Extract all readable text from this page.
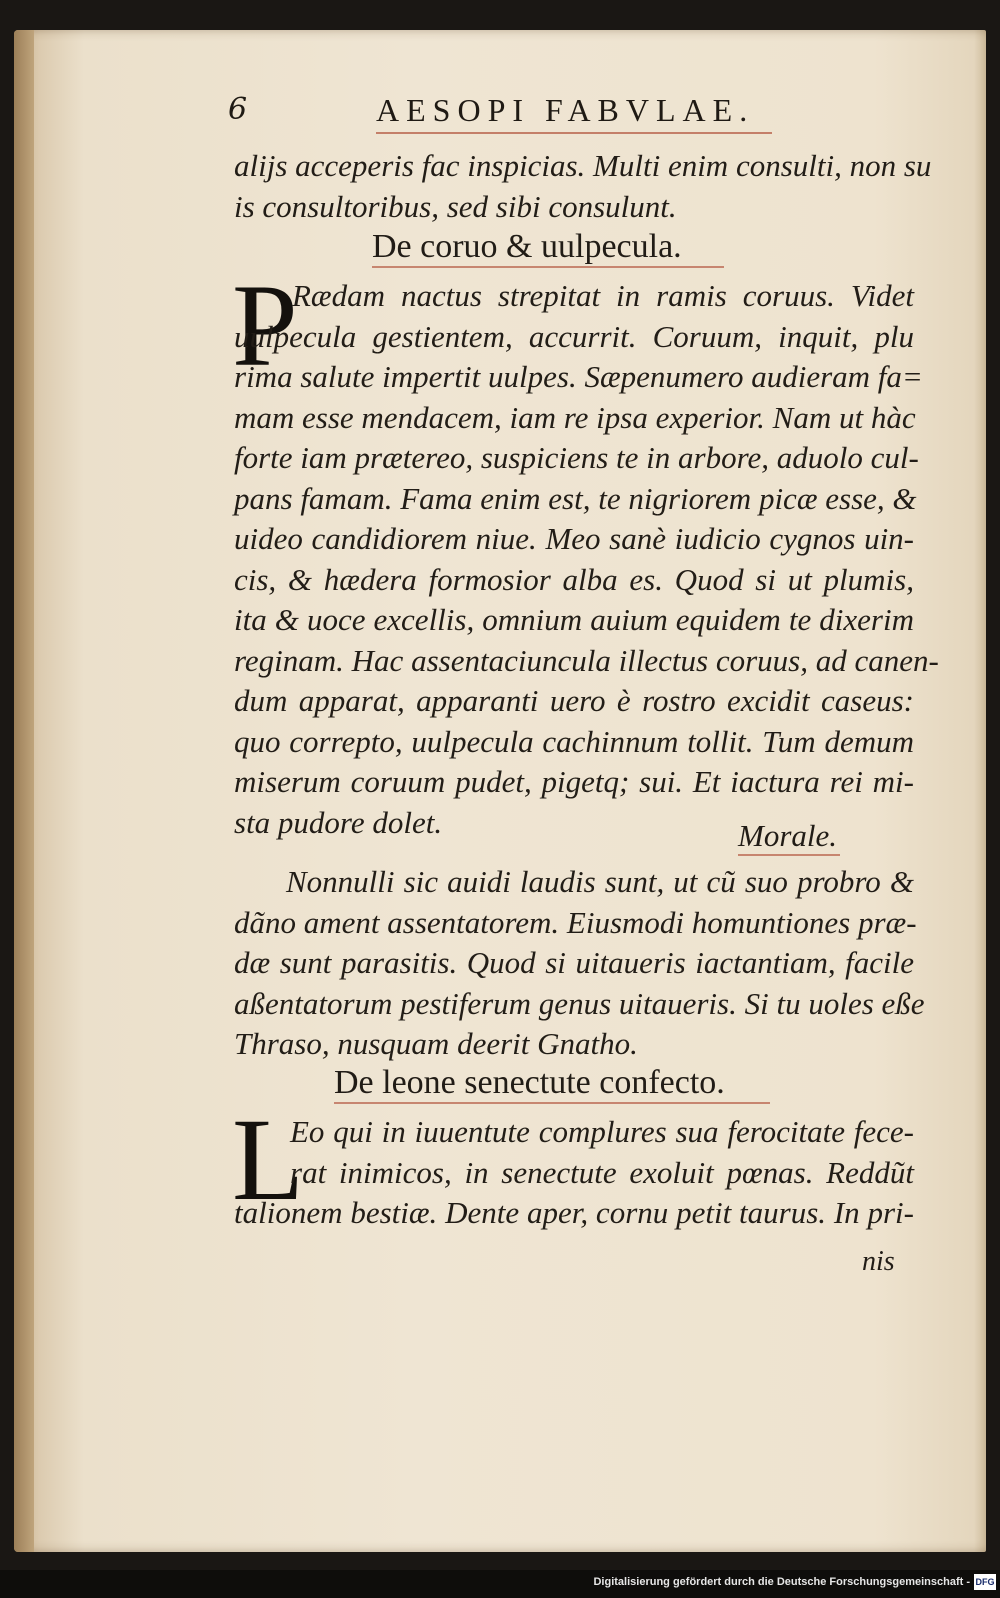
6	AESOPI FABVLAE.
alijs acceperis fac inspicias. Multi enim consulti, non su
is consultoribus, sed sibi consulunt.
De coruo & uulpecula.
P
Rædam nactus strepitat in ramis coruus. Videt
uulpecula gestientem, accurrit. Coruum, inquit, plu
rima salute impertit uulpes. Sæpenumero audieram fa=
mam esse mendacem, iam re ipsa experior. Nam ut hàc
forte iam prætereo, suspiciens te in arbore, aduolo cul-
pans famam. Fama enim est, te nigriorem picæ esse, &
uideo candidiorem niue. Meo sanè iudicio cygnos uin-
cis, & hædera formosior alba es. Quod si ut plumis,
ita & uoce excellis, omnium auium equidem te dixerim
reginam. Hac assentaciuncula illectus coruus, ad canen-
dum apparat, apparanti uero è rostro excidit caseus:
quo correpto, uulpecula cachinnum tollit. Tum demum
miserum coruum pudet, pigetq; sui. Et iactura rei mi-
sta pudore dolet.	Morale.
Nonnulli sic auidi laudis sunt, ut cũ suo probro &
dãno ament assentatorem. Eiusmodi homuntiones præ-
dæ sunt parasitis. Quod si uitaueris iactantiam, facile
aßentatorum pestiferum genus uitaueris. Si tu uoles eße
Thraso, nusquam deerit Gnatho.
De leone senectute confecto.
L
Eo qui in iuuentute complures sua ferocitate fece-
rat inimicos, in senectute exoluit pœnas. Reddũt
talionem bestiæ. Dente aper, cornu petit taurus. In pri-
nis
Digitalisierung gefördert durch die Deutsche Forschungsgemeinschaft - DFG
